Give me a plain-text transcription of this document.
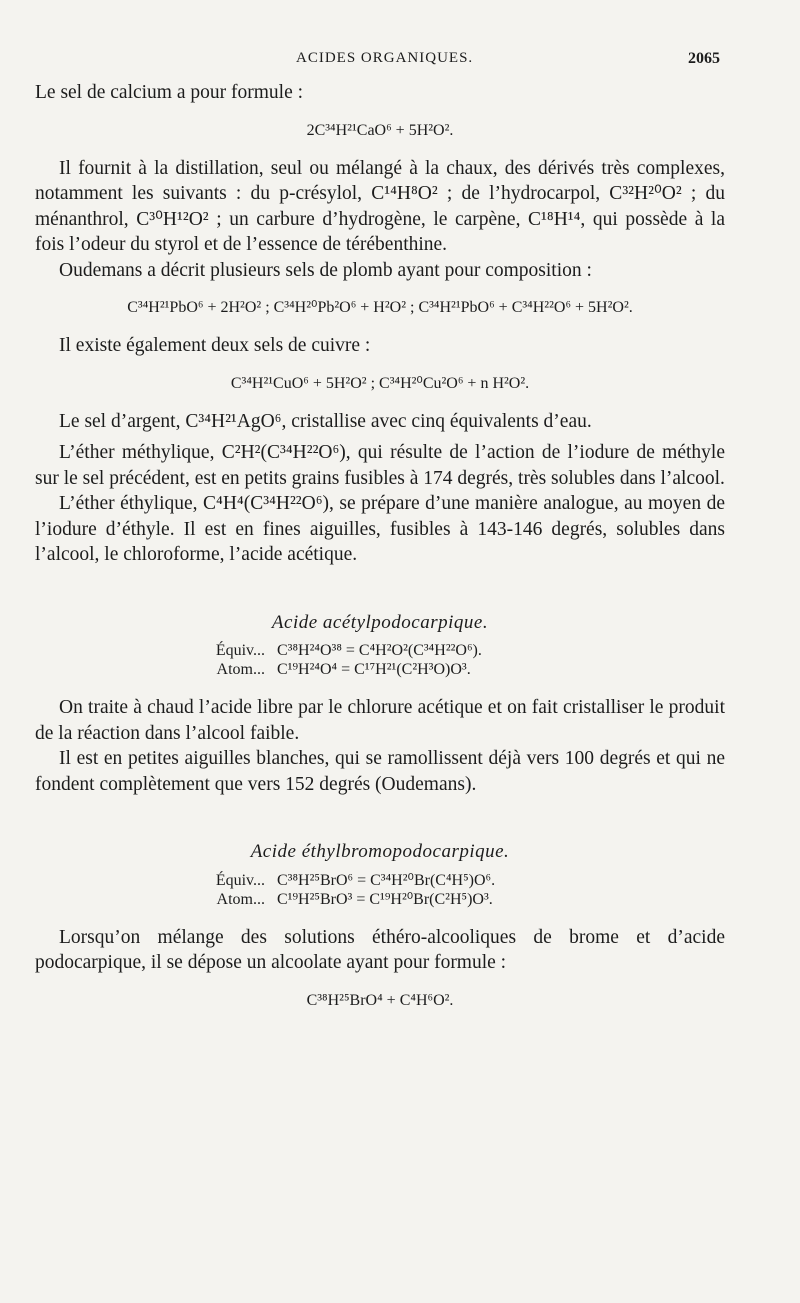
ACIDES ORGANIQUES.	2065

Le sel de calcium a pour formule :

2C³⁴H²¹CaO⁶ + 5H²O².

Il fournit à la distillation, seul ou mélangé à la chaux, des dérivés très complexes, notamment les suivants : du p-crésylol, C¹⁴H⁸O² ; de l’hydrocarpol, C³²H²⁰O² ; du ménanthrol, C³⁰H¹²O² ; un carbure d’hydrogène, le carpène, C¹⁸H¹⁴, qui possède à la fois l’odeur du styrol et de l’essence de térébenthine.

Oudemans a décrit plusieurs sels de plomb ayant pour composition :

C³⁴H²¹PbO⁶ + 2H²O² ; C³⁴H²⁰Pb²O⁶ + H²O² ; C³⁴H²¹PbO⁶ + C³⁴H²²O⁶ + 5H²O².

Il existe également deux sels de cuivre :

C³⁴H²¹CuO⁶ + 5H²O² ; C³⁴H²⁰Cu²O⁶ + n H²O².

Le sel d’argent, C³⁴H²¹AgO⁶, cristallise avec cinq équivalents d’eau.

L’éther méthylique, C²H²(C³⁴H²²O⁶), qui résulte de l’action de l’iodure de méthyle sur le sel précédent, est en petits grains fusibles à 174 degrés, très solubles dans l’alcool.

L’éther éthylique, C⁴H⁴(C³⁴H²²O⁶), se prépare d’une manière analogue, au moyen de l’iodure d’éthyle. Il est en fines aiguilles, fusibles à 143-146 degrés, solubles dans l’alcool, le chloroforme, l’acide acétique.

Acide acétylpodocarpique.
Équiv... C³⁸H²⁴O³⁸ = C⁴H²O²(C³⁴H²²O⁶).
Atom... C¹⁹H²⁴O⁴ = C¹⁷H²¹(C²H³O)O³.

On traite à chaud l’acide libre par le chlorure acétique et on fait cristalliser le produit de la réaction dans l’alcool faible.

Il est en petites aiguilles blanches, qui se ramollissent déjà vers 100 degrés et qui ne fondent complètement que vers 152 degrés (Oudemans).

Acide éthylbromopodocarpique.
Équiv... C³⁸H²⁵BrO⁶ = C³⁴H²⁰Br(C⁴H⁵)O⁶.
Atom... C¹⁹H²⁵BrO³ = C¹⁹H²⁰Br(C²H⁵)O³.

Lorsqu’on mélange des solutions éthéro-alcooliques de brome et d’acide podocarpique, il se dépose un alcoolate ayant pour formule :

C³⁸H²⁵BrO⁴ + C⁴H⁶O².
